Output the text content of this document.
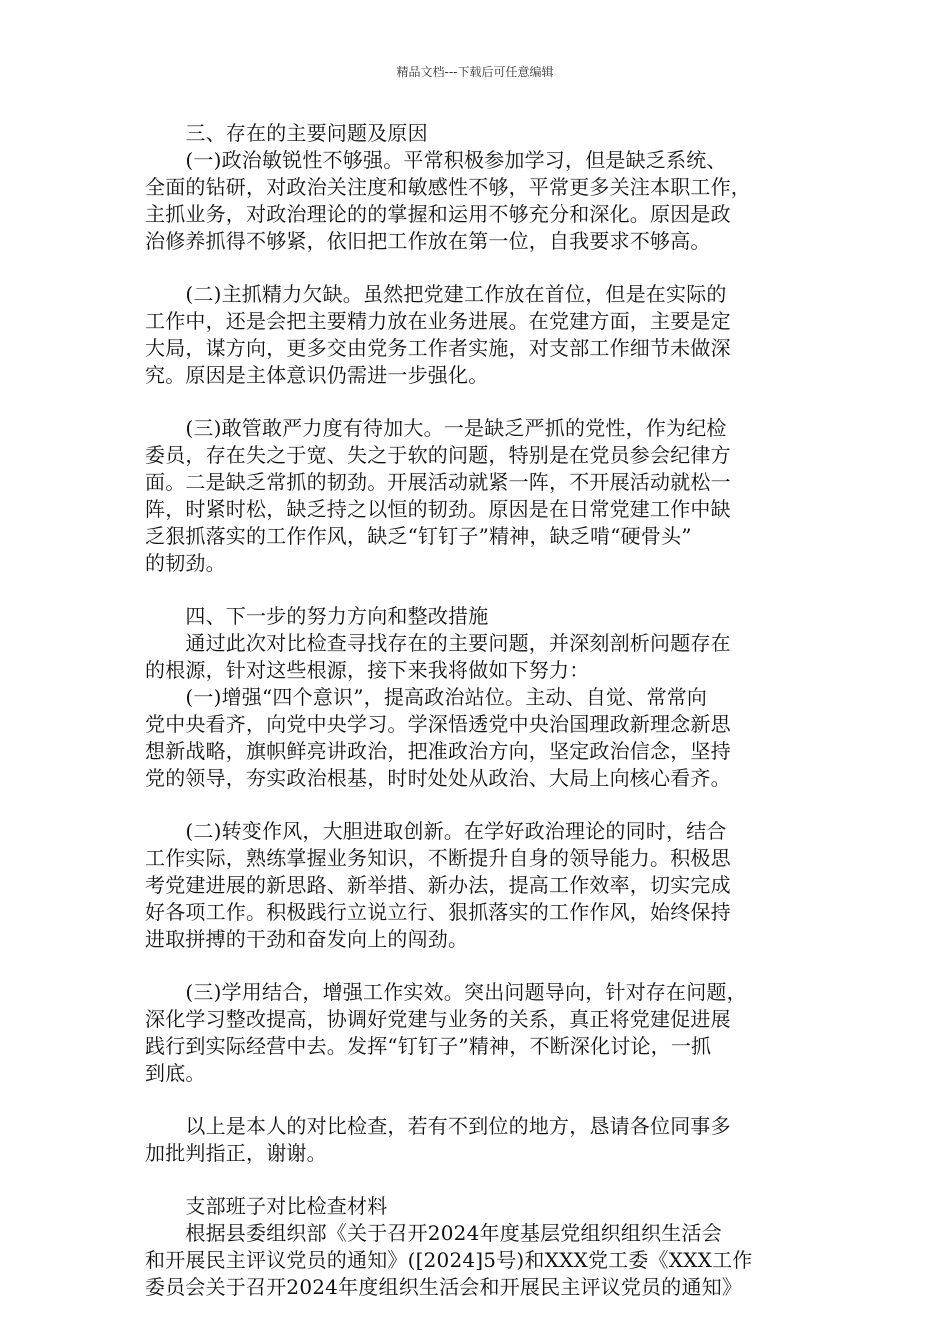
精品文档---下载后可任意编辑
　　三、存在的主要问题及原因
　　(一)政治敏锐性不够强。平常积极参加学习，但是缺乏系统、
全面的钻研，对政治关注度和敏感性不够，平常更多关注本职工作，
主抓业务，对政治理论的的掌握和运用不够充分和深化。原因是政
治修养抓得不够紧，依旧把工作放在第一位，自我要求不够高。
　　(二)主抓精力欠缺。虽然把党建工作放在首位，但是在实际的
工作中，还是会把主要精力放在业务进展。在党建方面，主要是定
大局，谋方向，更多交由党务工作者实施，对支部工作细节未做深
究。原因是主体意识仍需进一步强化。
　　(三)敢管敢严力度有待加大。一是缺乏严抓的党性，作为纪检
委员，存在失之于宽、失之于软的问题，特别是在党员参会纪律方
面。二是缺乏常抓的韧劲。开展活动就紧一阵，不开展活动就松一
阵，时紧时松，缺乏持之以恒的韧劲。原因是在日常党建工作中缺
乏狠抓落实的工作作风，缺乏“钉钉子”精神，缺乏啃“硬骨头”
的韧劲。
　　四、下一步的努力方向和整改措施
　　通过此次对比检查寻找存在的主要问题，并深刻剖析问题存在
的根源，针对这些根源，接下来我将做如下努力：
　　(一)增强“四个意识”，提高政治站位。主动、自觉、常常向
党中央看齐，向党中央学习。学深悟透党中央治国理政新理念新思
想新战略，旗帜鲜亮讲政治，把准政治方向，坚定政治信念，坚持
党的领导，夯实政治根基，时时处处从政治、大局上向核心看齐。
　　(二)转变作风，大胆进取创新。在学好政治理论的同时，结合
工作实际，熟练掌握业务知识，不断提升自身的领导能力。积极思
考党建进展的新思路、新举措、新办法，提高工作效率，切实完成
好各项工作。积极践行立说立行、狠抓落实的工作作风，始终保持
进取拼搏的干劲和奋发向上的闯劲。
　　(三)学用结合，增强工作实效。突出问题导向，针对存在问题，
深化学习整改提高，协调好党建与业务的关系，真正将党建促进展
践行到实际经营中去。发挥“钉钉子”精神，不断深化讨论，一抓
到底。
　　以上是本人的对比检查，若有不到位的地方，恳请各位同事多
加批判指正，谢谢。
　　支部班子对比检查材料
　　根据县委组织部《关于召开2024年度基层党组织组织生活会
和开展民主评议党员的通知》([2024]5号)和XXX党工委《XXX工作
委员会关于召开2024年度组织生活会和开展民主评议党员的通知》
